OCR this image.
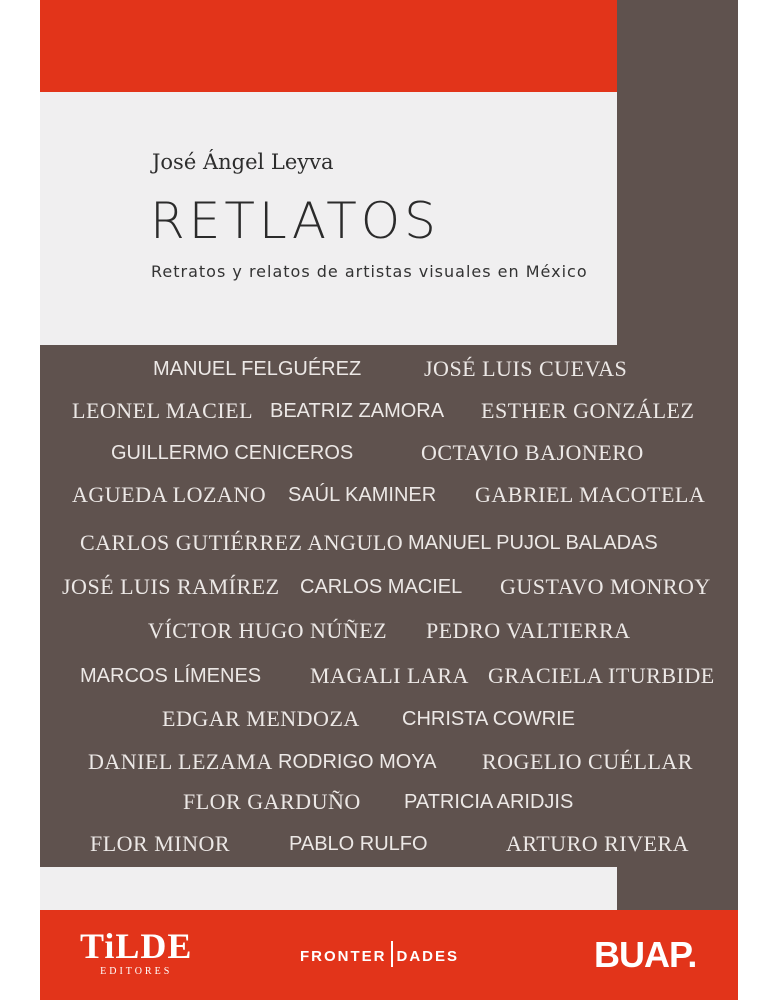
José Ángel Leyva
RETLATOS
Retratos y relatos de artistas visuales en México
MANUEL FELGUÉREZ	JOSÉ LUIS CUEVAS
LEONEL MACIEL BEATRIZ ZAMORA ESTHER GONZÁLEZ
GUILLERMO CENICEROS	OCTAVIO BAJONERO
AGUEDA LOZANO SAÚL KAMINER GABRIEL MACOTELA
CARLOS GUTIÉRREZ ANGULO MANUEL PUJOL BALADAS
JOSÉ LUIS RAMÍREZ CARLOS MACIEL GUSTAVO MONROY
VÍCTOR HUGO NÚÑEZ PEDRO VALTIERRA
MARCOS LÍMENES MAGALI LARA GRACIELA ITURBIDE
EDGAR MENDOZA CHRISTA COWRIE
DANIEL LEZAMA RODRIGO MOYA ROGELIO CUÉLLAR
FLOR GARDUÑO PATRICIA ARIDJIS
FLOR MINOR	PABLO RULFO	ARTURO RIVERA
TiLDE
EDITORES
FRONTER DADES	BUAP.
